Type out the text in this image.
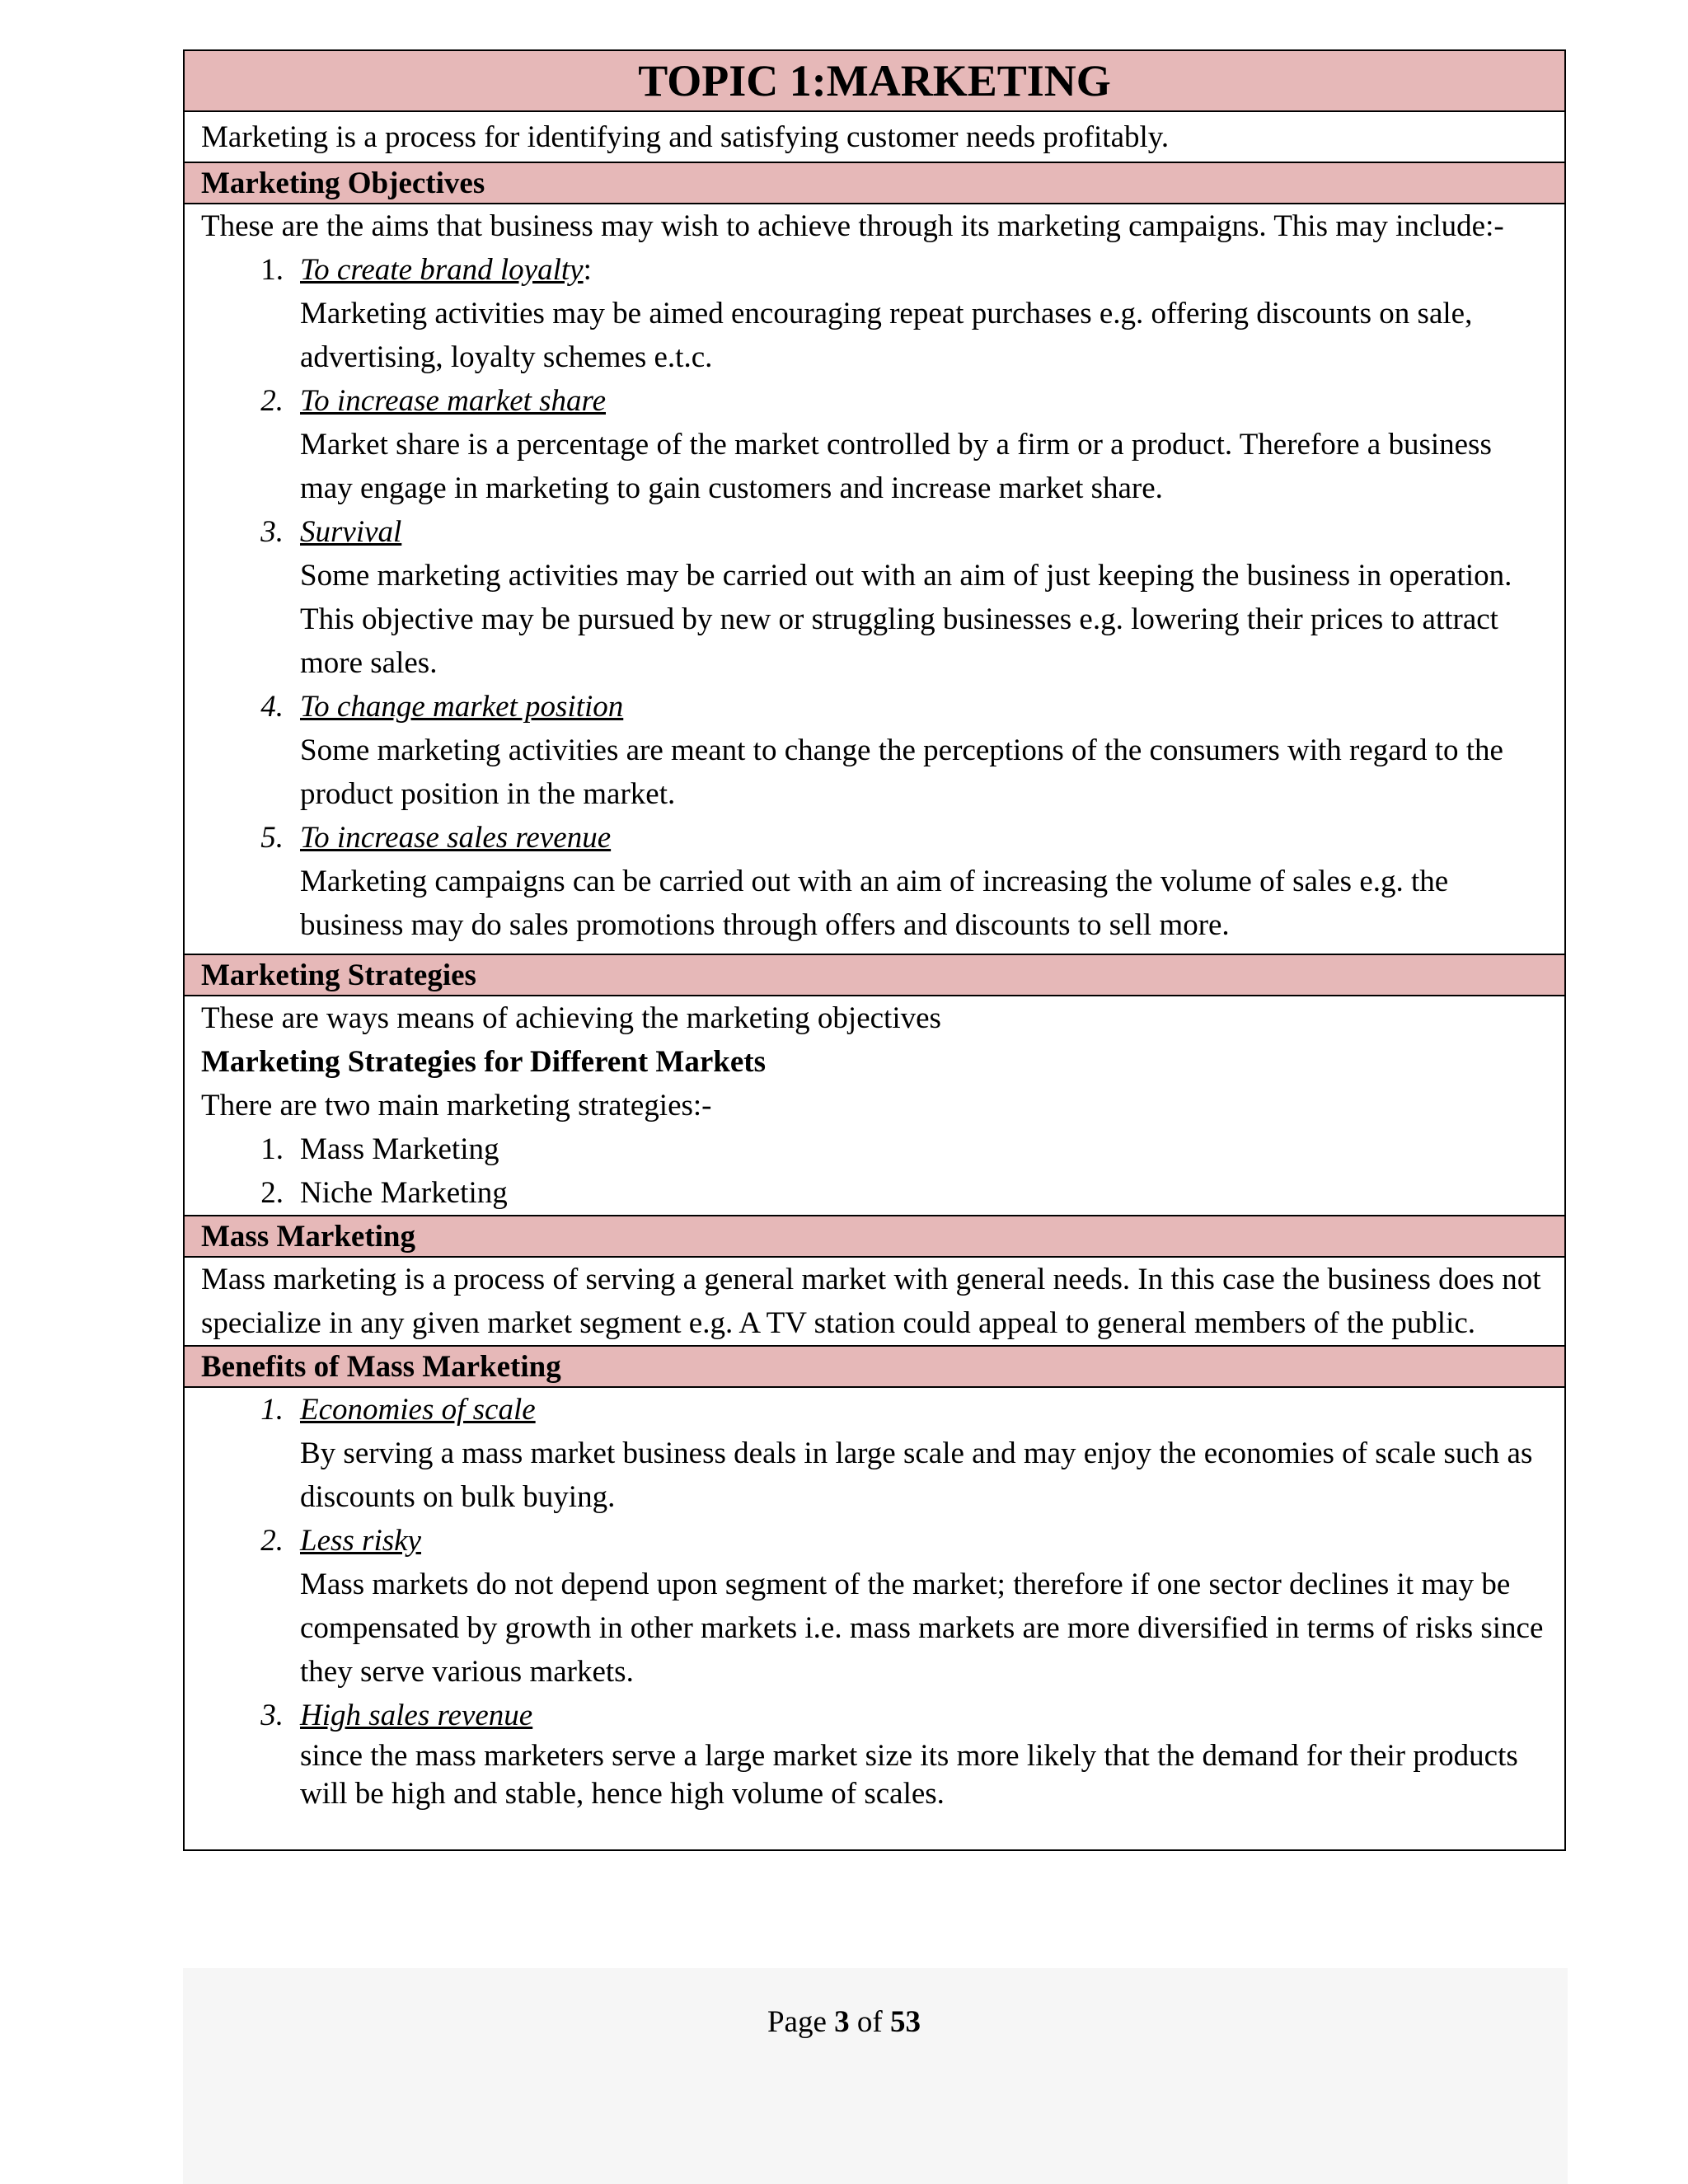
TOPIC 1:MARKETING
Marketing is a process for identifying and satisfying customer needs profitably.
Marketing Objectives
These are the aims that business may wish to achieve through its marketing campaigns. This may include:-
1. To create brand loyalty:
Marketing activities may be aimed encouraging repeat purchases e.g. offering discounts on sale, advertising, loyalty schemes e.t.c.
2. To increase market share
Market share is a percentage of the market controlled by a firm or a product. Therefore a business may engage in marketing to gain customers and increase market share.
3. Survival
Some marketing activities may be carried out with an aim of just keeping the business in operation. This objective may be pursued by new or struggling businesses e.g. lowering their prices to attract more sales.
4. To change market position
Some marketing activities are meant to change the perceptions of the consumers with regard to the product position in the market.
5. To increase sales revenue
Marketing campaigns can be carried out with an aim of increasing the volume of sales e.g. the business may do sales promotions through offers and discounts to sell more.
Marketing Strategies
These are ways means of achieving the marketing objectives
Marketing Strategies for Different Markets
There are two main marketing strategies:-
1. Mass Marketing
2. Niche Marketing
Mass Marketing
Mass marketing is a process of serving a general market with general needs. In this case the business does not specialize in any given market segment e.g. A TV station could appeal to general members of the public.
Benefits of Mass Marketing
1. Economies of scale
By serving a mass market business deals in large scale and may enjoy the economies of scale such as discounts on bulk buying.
2. Less risky
Mass markets do not depend upon segment of the market; therefore if one sector declines it may be compensated by growth in other markets i.e. mass markets are more diversified in terms of risks since they serve various markets.
3. High sales revenue
since the mass marketers serve a large market size its more likely that the demand for their products will be high and stable, hence high volume of scales.
Page 3 of 53
